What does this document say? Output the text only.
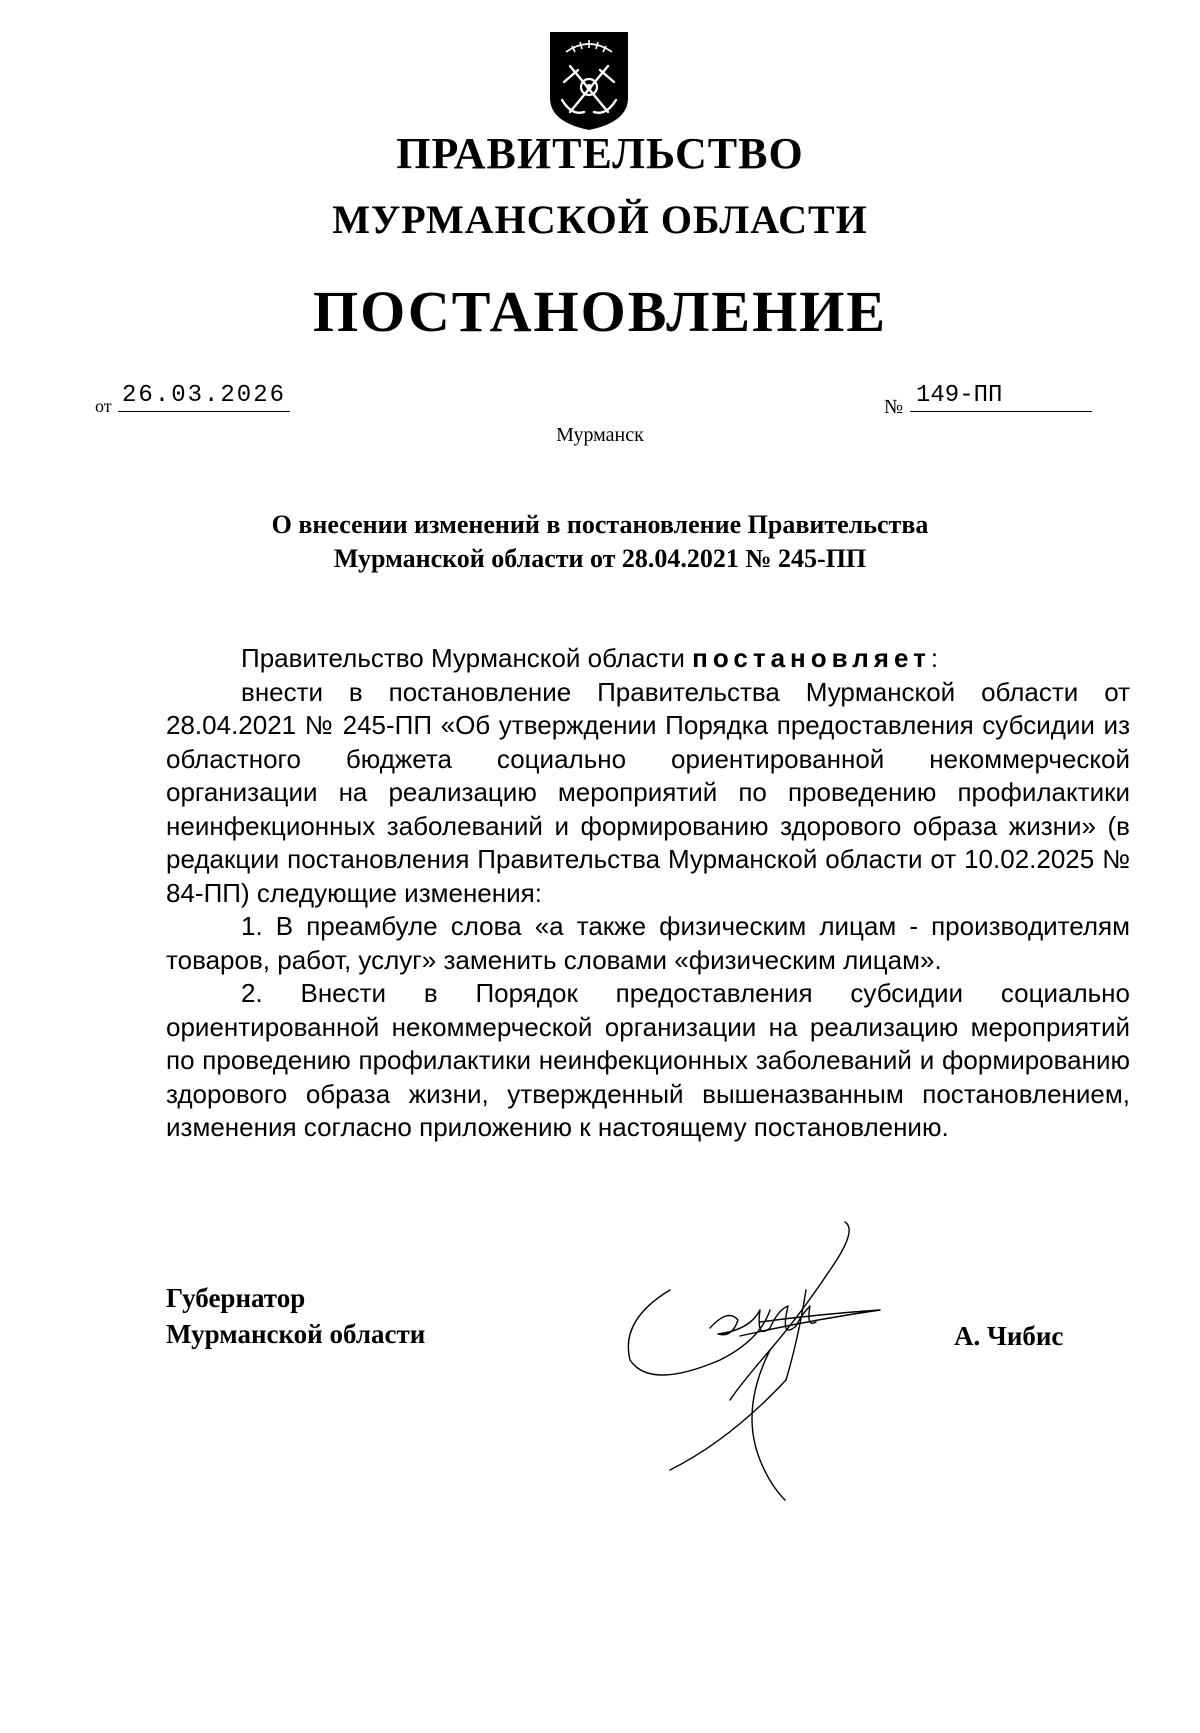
ПРАВИТЕЛЬСТВО
МУРМАНСКОЙ ОБЛАСТИ
ПОСТАНОВЛЕНИЕ
от 26.03.2026	№ 149-ПП
Мурманск
О внесении изменений в постановление Правительства
Мурманской области от 28.04.2021 № 245-ПП

Правительство Мурманской области постановляет:

внести в постановление Правительства Мурманской области от 28.04.2021 № 245-ПП «Об утверждении Порядка предоставления субсидии из областного бюджета социально ориентированной некоммерческой организации на реализацию мероприятий по проведению профилактики неинфекционных заболеваний и формированию здорового образа жизни» (в редакции постановления Правительства Мурманской области от 10.02.2025 № 84-ПП) следующие изменения:

1. В преамбуле слова «а также физическим лицам - производителям товаров, работ, услуг» заменить словами «физическим лицам».

2. Внести в Порядок предоставления субсидии социально ориентированной некоммерческой организации на реализацию мероприятий по проведению профилактики неинфекционных заболеваний и формированию здорового образа жизни, утвержденный вышеназванным постановлением, изменения согласно приложению к настоящему постановлению.

Губернатор
Мурманской области	А. Чибис
